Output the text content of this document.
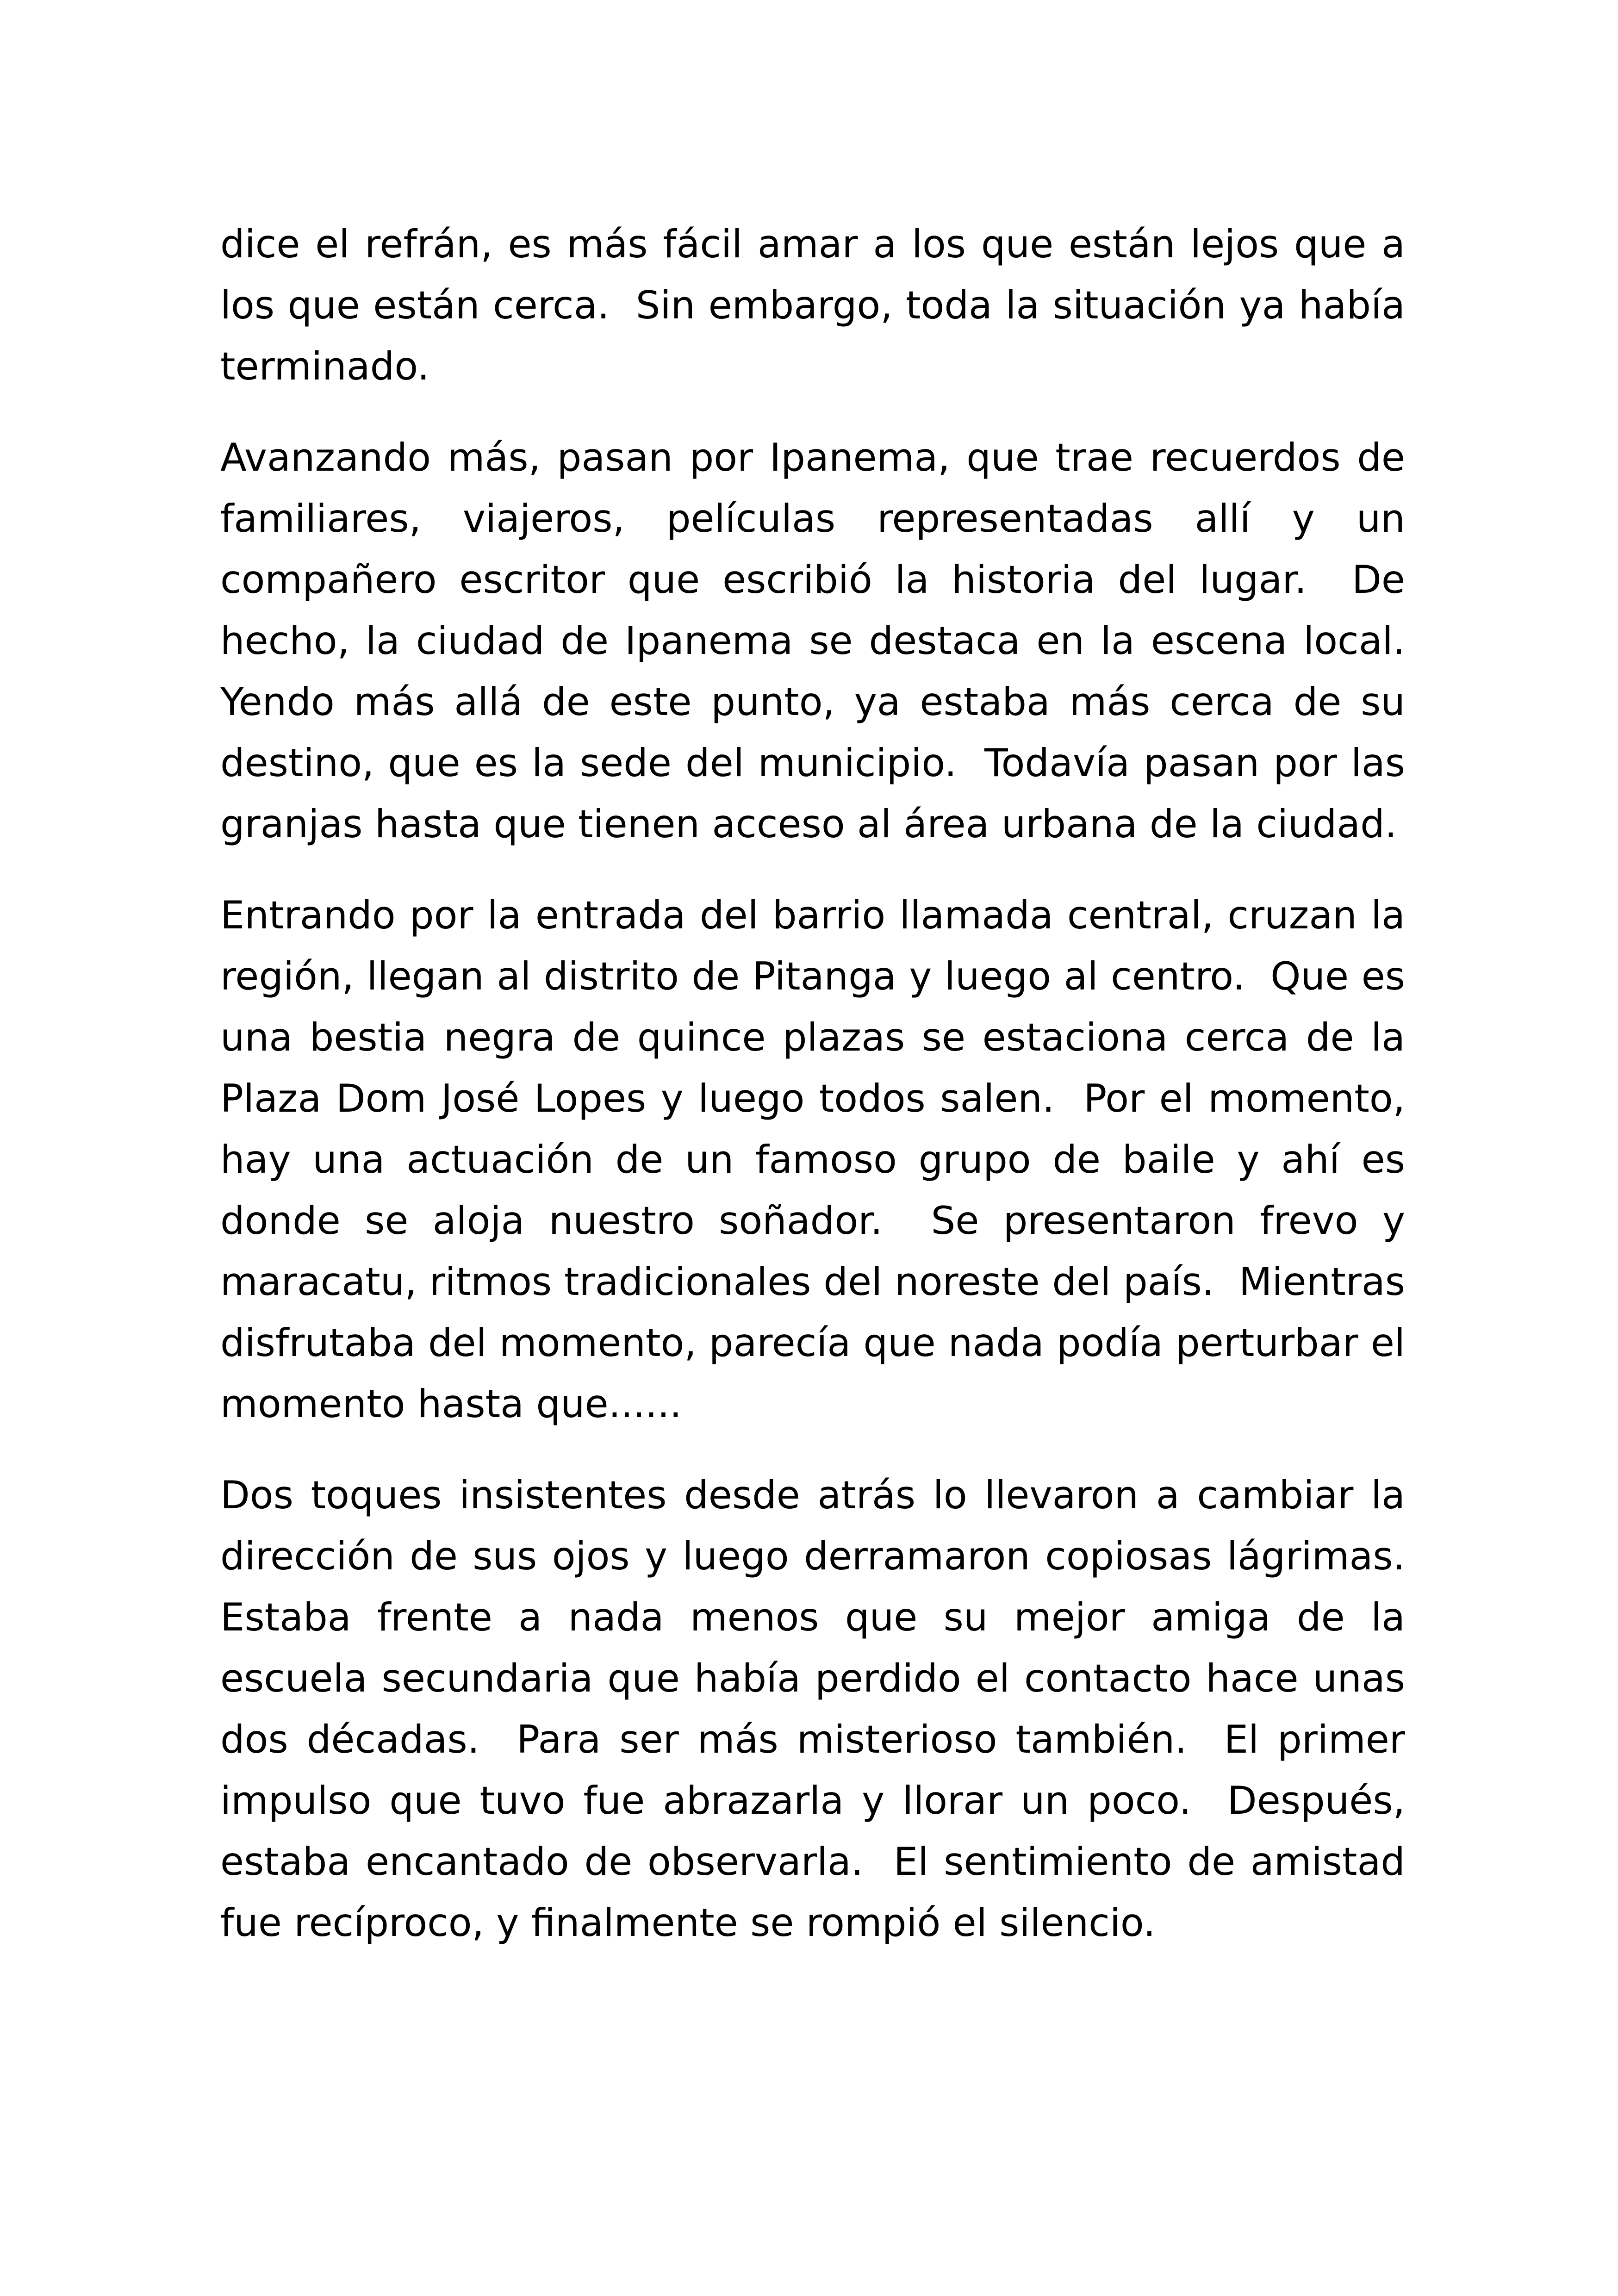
dice el refrán, es más fácil amar a los que están lejos que a los que están cerca.  Sin embargo, toda la situación ya había terminado.

Avanzando más, pasan por Ipanema, que trae recuerdos de familiares, viajeros, películas representadas allí y un compañero escritor que escribió la historia del lugar.  De hecho, la ciudad de Ipanema se destaca en la escena local.  Yendo más allá de este punto, ya estaba más cerca de su destino, que es la sede del municipio.  Todavía pasan por las granjas hasta que tienen acceso al área urbana de la ciudad.

Entrando por la entrada del barrio llamada central, cruzan la región, llegan al distrito de Pitanga y luego al centro.  Que es una bestia negra de quince plazas se estaciona cerca de la Plaza Dom José Lopes y luego todos salen.  Por el momento, hay una actuación de un famoso grupo de baile y ahí es donde se aloja nuestro soñador.  Se presentaron frevo y maracatu, ritmos tradicionales del noreste del país.  Mientras disfrutaba del momento, parecía que nada podía perturbar el momento hasta que......

Dos toques insistentes desde atrás lo llevaron a cambiar la dirección de sus ojos y luego derramaron copiosas lágrimas.  Estaba frente a nada menos que su mejor amiga de la escuela secundaria que había perdido el contacto hace unas dos décadas.  Para ser más misterioso también.  El primer impulso que tuvo fue abrazarla y llorar un poco.  Después, estaba encantado de observarla.  El sentimiento de amistad fue recíproco, y finalmente se rompió el silencio.
